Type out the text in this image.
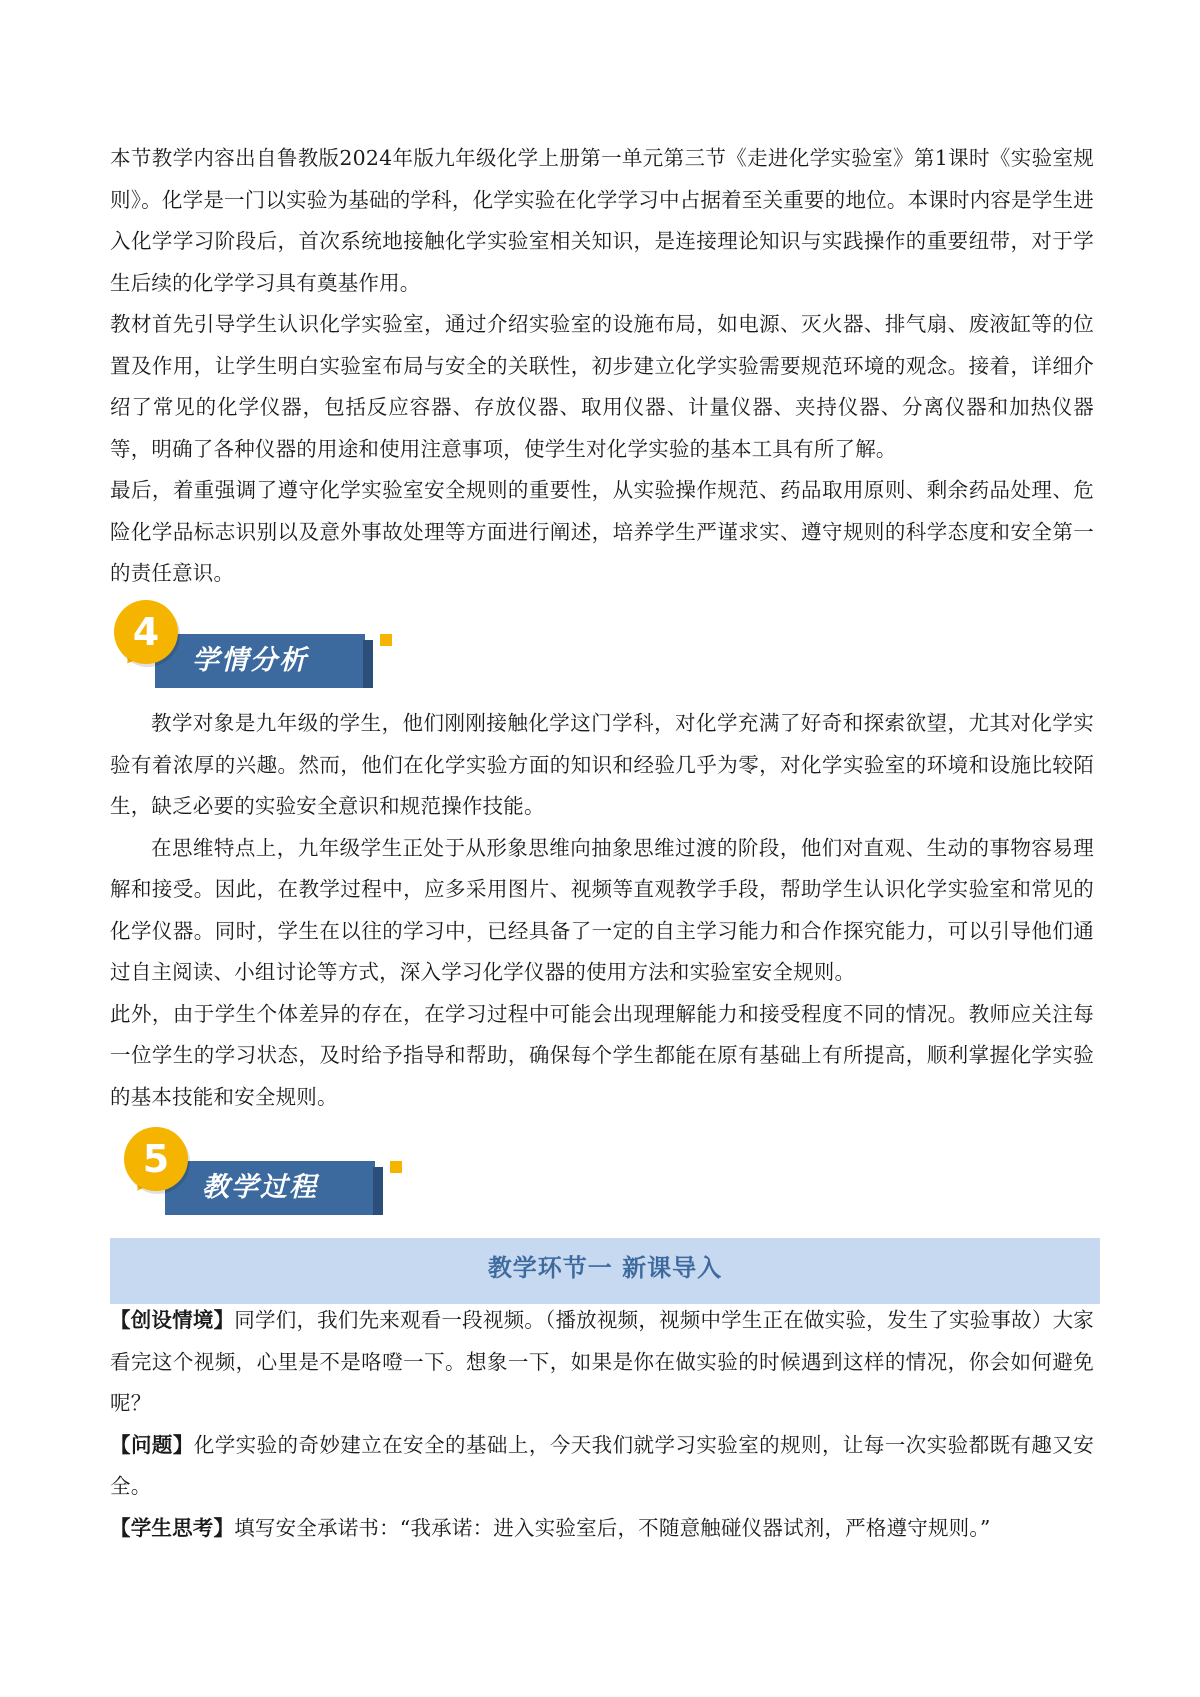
本节教学内容出自鲁教版2024年版九年级化学上册第一单元第三节《走进化学实验室》第1课时《实验室规则》。化学是一门以实验为基础的学科，化学实验在化学学习中占据着至关重要的地位。本课时内容是学生进入化学学习阶段后，首次系统地接触化学实验室相关知识，是连接理论知识与实践操作的重要纽带，对于学生后续的化学学习具有奠基作用。

教材首先引导学生认识化学实验室，通过介绍实验室的设施布局，如电源、灭火器、排气扇、废液缸等的位置及作用，让学生明白实验室布局与安全的关联性，初步建立化学实验需要规范环境的观念。接着，详细介绍了常见的化学仪器，包括反应容器、存放仪器、取用仪器、计量仪器、夹持仪器、分离仪器和加热仪器等，明确了各种仪器的用途和使用注意事项，使学生对化学实验的基本工具有所了解。

最后，着重强调了遵守化学实验室安全规则的重要性，从实验操作规范、药品取用原则、剩余药品处理、危险化学品标志识别以及意外事故处理等方面进行阐述，培养学生严谨求实、遵守规则的科学态度和安全第一的责任意识。

学情分析
4

教学对象是九年级的学生，他们刚刚接触化学这门学科，对化学充满了好奇和探索欲望，尤其对化学实验有着浓厚的兴趣。然而，他们在化学实验方面的知识和经验几乎为零，对化学实验室的环境和设施比较陌生，缺乏必要的实验安全意识和规范操作技能。

在思维特点上，九年级学生正处于从形象思维向抽象思维过渡的阶段，他们对直观、生动的事物容易理解和接受。因此，在教学过程中，应多采用图片、视频等直观教学手段，帮助学生认识化学实验室和常见的化学仪器。同时，学生在以往的学习中，已经具备了一定的自主学习能力和合作探究能力，可以引导他们通过自主阅读、小组讨论等方式，深入学习化学仪器的使用方法和实验室安全规则。

此外，由于学生个体差异的存在，在学习过程中可能会出现理解能力和接受程度不同的情况。教师应关注每一位学生的学习状态，及时给予指导和帮助，确保每个学生都能在原有基础上有所提高，顺利掌握化学实验的基本技能和安全规则。

教学过程
5
教学环节一 新课导入

【创设情境】同学们，我们先来观看一段视频。（播放视频，视频中学生正在做实验，发生了实验事故）大家看完这个视频，心里是不是咯噔一下。想象一下，如果是你在做实验的时候遇到这样的情况，你会如何避免呢？

【问题】化学实验的奇妙建立在安全的基础上，今天我们就学习实验室的规则，让每一次实验都既有趣又安全。

【学生思考】填写安全承诺书：“我承诺：进入实验室后，不随意触碰仪器试剂，严格遵守规则。”
